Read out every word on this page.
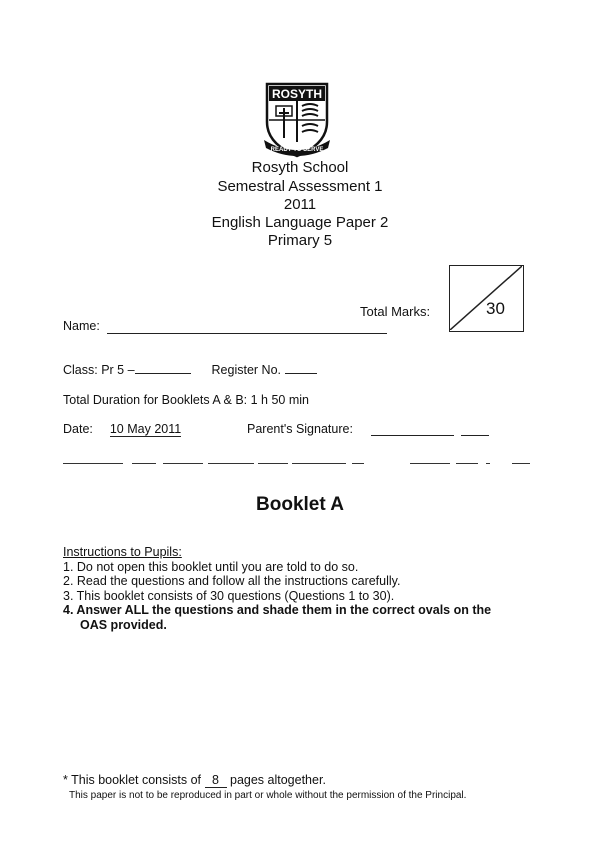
ROSYTH
READY TO SERVE
Rosyth School
Semestral Assessment 1
2011
English Language Paper 2
Primary 5
Total Marks:	30
Name:
Class: Pr 5 –	Register No.
Total Duration for Booklets A & B: 1 h 50 min
Date: 10 May 2011	Parent's Signature:
Booklet A
Instructions to Pupils:
1. Do not open this booklet until you are told to do so.
2. Read the questions and follow all the instructions carefully.
3. This booklet consists of 30 questions (Questions 1 to 30).
4. Answer ALL the questions and shade them in the correct ovals on the
OAS provided.
* This booklet consists of 8 pages altogether.
This paper is not to be reproduced in part or whole without the permission of the Principal.
